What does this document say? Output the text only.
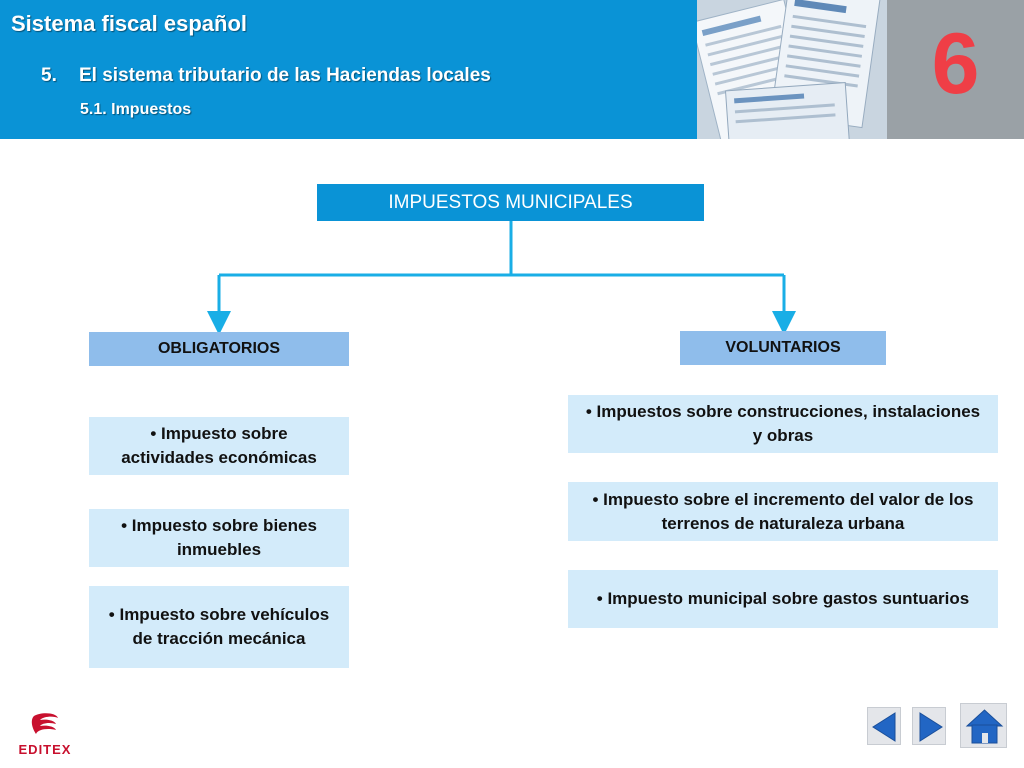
Sistema fiscal español
5. El sistema tributario de las Haciendas locales
5.1. Impuestos	6
IMPUESTOS MUNICIPALES
OBLIGATORIOS	VOLUNTARIOS
• Impuesto sobre actividades económicas
• Impuesto sobre bienes inmuebles
• Impuesto sobre vehículos de tracción mecánica
• Impuestos sobre construcciones, instalaciones y obras
• Impuesto sobre el incremento del valor de los terrenos de naturaleza urbana
• Impuesto municipal sobre gastos suntuarios
EDITEX
